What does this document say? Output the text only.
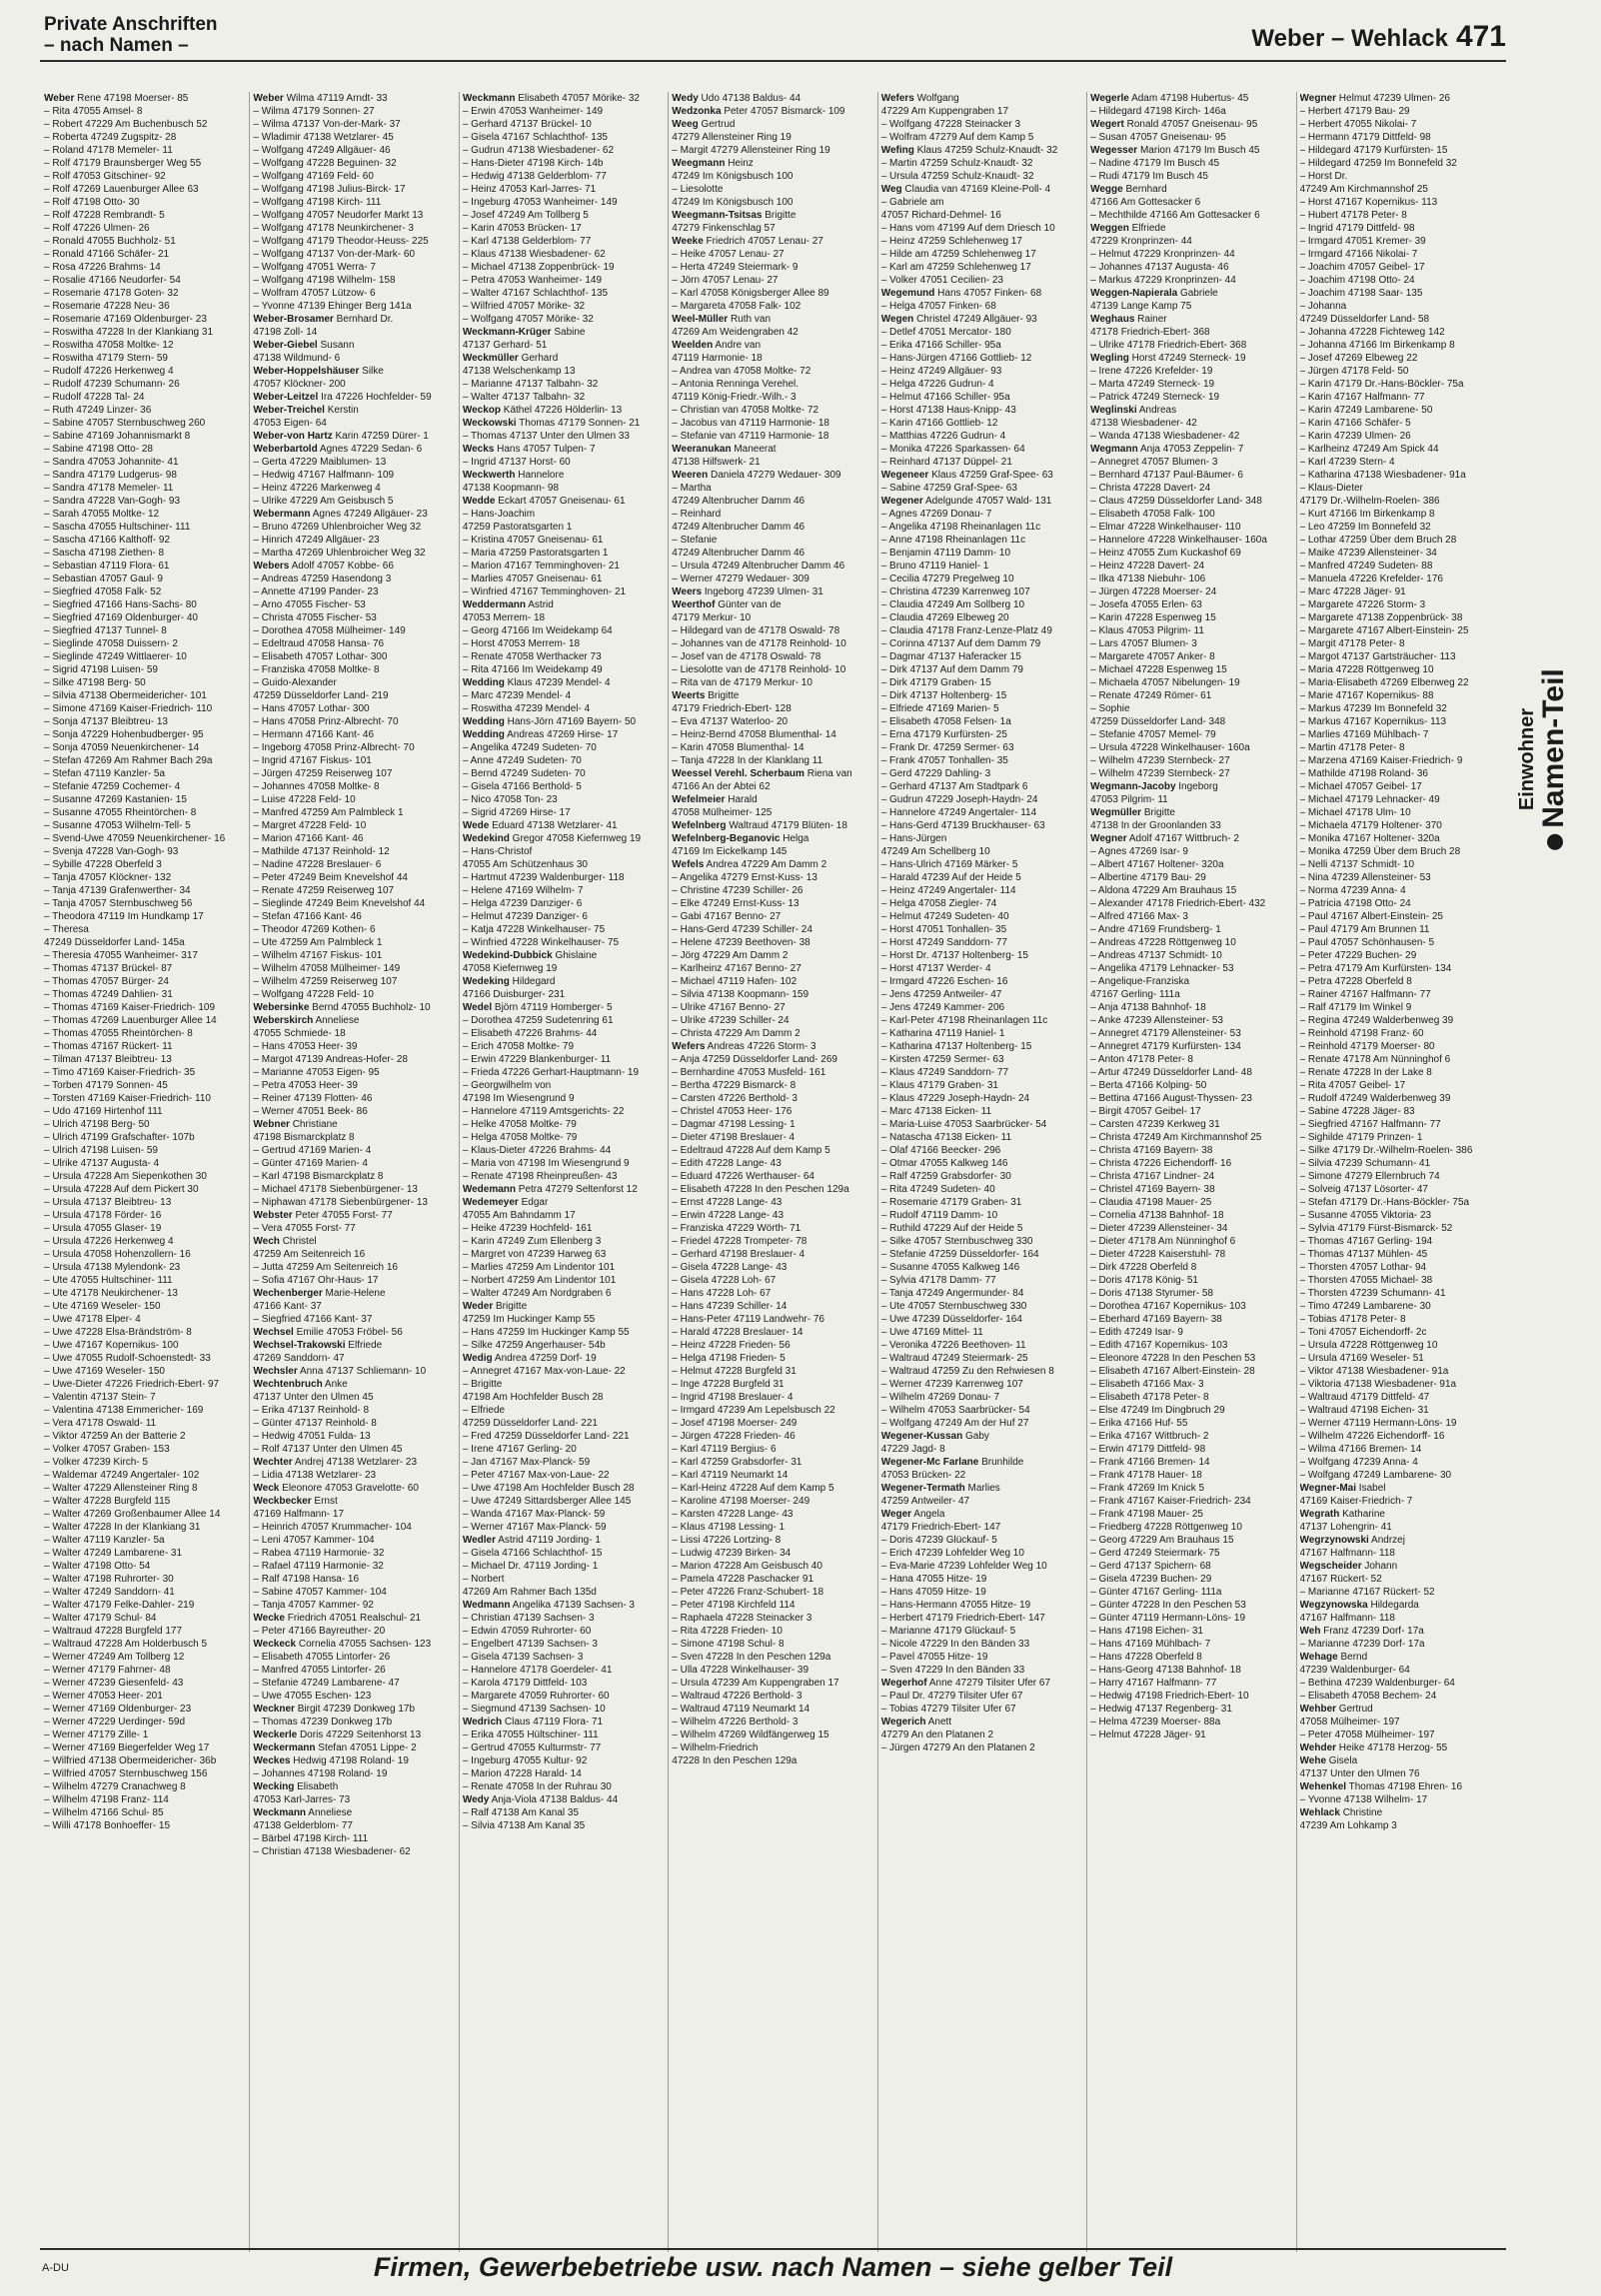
Private Anschriften
– nach Namen –	Weber – Wehlack 471
Weber Rene 47198 Moerser- 85
– Rita 47055 Amsel- 8
– Robert 47229 Am Buchenbusch 52
– Roberta 47249 Zugspitz- 28
– Roland 47178 Memeler- 11
– Rolf 47179 Braunsberger Weg 55
– Rolf 47053 Gitschiner- 92
– Rolf 47269 Lauenburger Allee 63
– Rolf 47198 Otto- 30
– Rolf 47228 Rembrandt- 5
– Rolf 47226 Ulmen- 26
– Ronald 47055 Buchholz- 51
– Ronald 47166 Schäfer- 21
– Rosa 47226 Brahms- 14
– Rosalie 47166 Neudorfer- 54
– Rosemarie 47178 Goten- 32
– Rosemarie 47228 Neu- 36
– Rosemarie 47169 Oldenburger- 23
– Roswitha 47228 In der Klankiang 31
– Roswitha 47058 Moltke- 12
– Roswitha 47179 Stern- 59
– Rudolf 47226 Herkenweg 4
– Rudolf 47239 Schumann- 26
– Rudolf 47228 Tal- 24
– Ruth 47249 Linzer- 36
– Sabine 47057 Sternbuschweg 260
– Sabine 47169 Johannismarkt 8
– Sabine 47198 Otto- 28
– Sandra 47053 Johannite- 41
– Sandra 47179 Ludgerus- 98
– Sandra 47178 Memeler- 11
– Sandra 47228 Van-Gogh- 93
– Sarah 47055 Moltke- 12
– Sascha 47055 Hultschiner- 111
– Sascha 47166 Kalthoff- 92
– Sascha 47198 Ziethen- 8
– Sebastian 47119 Flora- 61
– Sebastian 47057 Gaul- 9
– Siegfried 47058 Falk- 52
– Siegfried 47166 Hans-Sachs- 80
– Siegfried 47169 Oldenburger- 40
– Siegfried 47137 Tunnel- 8
– Sieglinde 47058 Duissern- 2
– Sieglinde 47249 Wittlaerer- 10
– Sigrid 47198 Luisen- 59
– Silke 47198 Berg- 50
– Silvia 47138 Obermeidericher- 101
– Simone 47169 Kaiser-Friedrich- 110
– Sonja 47137 Bleibtreu- 13
– Sonja 47229 Hohenbudberger- 95
– Sonja 47059 Neuenkirchener- 14
– Stefan 47269 Am Rahmer Bach 29a
– Stefan 47119 Kanzler- 5a
– Stefanie 47259 Cochemer- 4
– Susanne 47269 Kastanien- 15
– Susanne 47055 Rheintörchen- 8
– Susanne 47053 Wilhelm-Tell- 5
– Svend-Uwe 47059 Neuenkirchener- 16
– Svenja 47228 Van-Gogh- 93
– Sybille 47228 Oberfeld 3
– Tanja 47057 Klöckner- 132
– Tanja 47139 Grafenwerther- 34
– Tanja 47057 Sternbuschweg 56
– Theodora 47119 Im Hundkamp 17
– Theresa
47249 Düsseldorfer Land- 145a
– Theresia 47055 Wanheimer- 317
– Thomas 47137 Brückel- 87
– Thomas 47057 Bürger- 24
– Thomas 47249 Dahlien- 31
– Thomas 47169 Kaiser-Friedrich- 109
– Thomas 47269 Lauenburger Allee 14
– Thomas 47055 Rheintörchen- 8
– Thomas 47167 Rückert- 11
– Tilman 47137 Bleibtreu- 13
– Timo 47169 Kaiser-Friedrich- 35
– Torben 47179 Sonnen- 45
– Torsten 47169 Kaiser-Friedrich- 110
– Udo 47169 Hirtenhof 111
– Ulrich 47198 Berg- 50
– Ulrich 47199 Grafschafter- 107b
– Ulrich 47198 Luisen- 59
– Ulrike 47137 Augusta- 4
– Ursula 47228 Am Siepenkothen 30
– Ursula 47228 Auf dem Pickert 30
– Ursula 47137 Bleibtreu- 13
– Ursula 47178 Förder- 16
– Ursula 47055 Glaser- 19
– Ursula 47226 Herkenweg 4
– Ursula 47058 Hohenzollern- 16
– Ursula 47138 Mylendonk- 23
– Ute 47055 Hultschiner- 111
– Ute 47178 Neukirchener- 13
– Ute 47169 Weseler- 150
– Uwe 47178 Elper- 4
– Uwe 47228 Elsa-Brändström- 8
– Uwe 47167 Kopernikus- 100
– Uwe 47055 Rudolf-Schoenstedt- 33
– Uwe 47169 Weseler- 150
– Uwe-Dieter 47226 Friedrich-Ebert- 97
– Valentin 47137 Stein- 7
– Valentina 47138 Emmericher- 169
– Vera 47178 Oswald- 11
– Viktor 47259 An der Batterie 2
– Volker 47057 Graben- 153
– Volker 47239 Kirch- 5
– Waldemar 47249 Angertaler- 102
– Walter 47229 Allensteiner Ring 8
– Walter 47228 Burgfeld 115
– Walter 47269 Großenbaumer Allee 14
– Walter 47228 In der Klankiang 31
– Walter 47119 Kanzler- 5a
– Walter 47249 Lambarene- 31
– Walter 47198 Otto- 54
– Walter 47198 Ruhrorter- 30
– Walter 47249 Sanddorn- 41
– Walter 47179 Felke-Dahler- 219
– Walter 47179 Schul- 84
– Waltraud 47228 Burgfeld 177
– Waltraud 47228 Am Holderbusch 5
– Werner 47249 Am Tollberg 12
– Werner 47179 Fahrner- 48
– Werner 47239 Giesenfeld- 43
– Werner 47053 Heer- 201
– Werner 47169 Oldenburger- 23
– Werner 47229 Uerdinger- 59d
– Werner 47179 Zille- 1
– Werner 47169 Biegerfelder Weg 17
– Wilfried 47138 Obermeidericher- 36b
– Wilfried 47057 Sternbuschweg 156
– Wilhelm 47279 Cranachweg 8
– Wilhelm 47198 Franz- 114
– Wilhelm 47166 Schul- 85
– Willi 47178 Bonhoeffer- 15
Weber Wilma 47119 Arndt- 33
– Wilma 47179 Sonnen- 27
– Wilma 47137 Von-der-Mark- 37
– Wladimir 47138 Wetzlarer- 45
– Wolfgang 47249 Allgäuer- 46
– Wolfgang 47228 Beguinen- 32
– Wolfgang 47169 Feld- 60
– Wolfgang 47198 Julius-Birck- 17
– Wolfgang 47198 Kirch- 111
– Wolfgang 47057 Neudorfer Markt 13
– Wolfgang 47178 Neunkirchener- 3
– Wolfgang 47179 Theodor-Heuss- 225
– Wolfgang 47137 Von-der-Mark- 60
– Wolfgang 47051 Werra- 7
– Wolfgang 47198 Wilhelm- 158
– Wolfram 47057 Lützow- 6
– Yvonne 47139 Ehinger Berg 141a
Weber-Brosamer Bernhard Dr.
47198 Zoll- 14
Weber-Giebel Susann
47138 Wildmund- 6
Weber-Hoppelshäuser Silke
47057 Klöckner- 200
Weber-Leitzel Ira 47226 Hochfelder- 59
Weber-Treichel Kerstin
47053 Eigen- 64
Weber-von Hartz Karin 47259 Dürer- 1
Weberbartold Agnes 47229 Sedan- 6
– Gerta 47229 Maiblumen- 13
– Hedwig 47167 Halfmann- 109
– Heinz 47226 Markenweg 4
– Ulrike 47229 Am Geisbusch 5
Webermann Agnes 47249 Allgäuer- 23
– Bruno 47269 Uhlenbroicher Weg 32
– Hinrich 47249 Allgäuer- 23
– Martha 47269 Uhlenbroicher Weg 32
Webers Adolf 47057 Kobbe- 66
– Andreas 47259 Hasendong 3
– Annette 47199 Pander- 23
– Arno 47055 Fischer- 53
– Christa 47055 Fischer- 53
– Dorothea 47058 Mülheimer- 149
– Edeltraud 47058 Hansa- 76
– Elisabeth 47057 Lothar- 300
– Franziska 47058 Moltke- 8
– Guido-Alexander
47259 Düsseldorfer Land- 219
– Hans 47057 Lothar- 300
– Hans 47058 Prinz-Albrecht- 70
– Hermann 47166 Kant- 46
– Ingeborg 47058 Prinz-Albrecht- 70
– Ingrid 47167 Fiskus- 101
– Jürgen 47259 Reiserweg 107
– Johannes 47058 Moltke- 8
– Luise 47228 Feld- 10
– Manfred 47259 Am Palmbleck 1
– Margret 47228 Feld- 10
– Marion 47166 Kant- 46
– Mathilde 47137 Reinhold- 12
– Nadine 47228 Breslauer- 6
– Peter 47249 Beim Knevelshof 44
– Renate 47259 Reiserweg 107
– Sieglinde 47249 Beim Knevelshof 44
– Stefan 47166 Kant- 46
– Theodor 47269 Kothen- 6
– Ute 47259 Am Palmbleck 1
– Wilhelm 47167 Fiskus- 101
– Wilhelm 47058 Mülheimer- 149
– Wilhelm 47259 Reiserweg 107
– Wolfgang 47228 Feld- 10
Webersinke Bernd 47055 Buchholz- 10
Weberskirch Anneliese
47055 Schmiede- 18
– Hans 47053 Heer- 39
– Margot 47139 Andreas-Hofer- 28
– Marianne 47053 Eigen- 95
– Petra 47053 Heer- 39
– Reiner 47139 Flotten- 46
– Werner 47051 Beek- 86
Webner Christiane
47198 Bismarckplatz 8
– Gertrud 47169 Marien- 4
– Günter 47169 Marien- 4
– Karl 47198 Bismarckplatz 8
– Michael 47178 Siebenbürgener- 13
– Niphawan 47178 Siebenbürgener- 13
Webster Peter 47055 Forst- 77
– Vera 47055 Forst- 77
Wech Christel
47259 Am Seitenreich 16
– Jutta 47259 Am Seitenreich 16
– Sofia 47167 Ohr-Haus- 17
Wechenberger Marie-Helene
47166 Kant- 37
– Siegfried 47166 Kant- 37
Wechsel Emilie 47053 Fröbel- 56
Wechsel-Trakowski Elfriede
47269 Sanddorn- 47
Wechsler Anna 47137 Schliemann- 10
Wechtenbruch Anke
47137 Unter den Ulmen 45
– Erika 47137 Reinhold- 8
– Günter 47137 Reinhold- 8
– Hedwig 47051 Fulda- 13
– Rolf 47137 Unter den Ulmen 45
Wechter Andrej 47138 Wetzlarer- 23
– Lidia 47138 Wetzlarer- 23
Weck Eleonore 47053 Gravelotte- 60
Weckbecker Ernst
47169 Halfmann- 17
– Heinrich 47057 Krummacher- 104
– Leni 47057 Kammer- 104
– Rabea 47119 Harmonie- 32
– Rafael 47119 Harmonie- 32
– Ralf 47198 Hansa- 16
– Sabine 47057 Kammer- 104
– Tanja 47057 Kammer- 92
Wecke Friedrich 47051 Realschul- 21
– Peter 47166 Bayreuther- 20
Weckeck Cornelia 47055 Sachsen- 123
– Elisabeth 47055 Lintorfer- 26
– Manfred 47055 Lintorfer- 26
– Stefanie 47249 Lambarene- 47
– Uwe 47055 Eschen- 123
Weckner Birgit 47239 Donkweg 17b
– Thomas 47239 Donkweg 17b
Weckerle Doris 47229 Seitenhorst 13
Weckermann Stefan 47051 Lippe- 2
Weckes Hedwig 47198 Roland- 19
– Johannes 47198 Roland- 19
Wecking Elisabeth
47053 Karl-Jarres- 73
Weckmann Anneliese
47138 Gelderblom- 77
– Bärbel 47198 Kirch- 111
– Christian 47138 Wiesbadener- 62
Weckmann Elisabeth 47057 Mörike- 32
– Erwin 47053 Wanheimer- 149
– Gerhard 47137 Brückel- 10
– Gisela 47167 Schlachthof- 135
– Gudrun 47138 Wiesbadener- 62
– Hans-Dieter 47198 Kirch- 14b
– Hedwig 47138 Gelderblom- 77
– Heinz 47053 Karl-Jarres- 71
– Ingeburg 47053 Wanheimer- 149
– Josef 47249 Am Tollberg 5
– Karin 47053 Brücken- 17
– Karl 47138 Gelderblom- 77
– Klaus 47138 Wiesbadener- 62
– Michael 47138 Zoppenbrück- 19
– Petra 47053 Wanheimer- 149
– Walter 47167 Schlachthof- 135
– Wilfried 47057 Mörike- 32
– Wolfgang 47057 Mörike- 32
Weckmann-Krüger Sabine
47137 Gerhard- 51
Weckmüller Gerhard
47138 Welschenkamp 13
– Marianne 47137 Talbahn- 32
– Walter 47137 Talbahn- 32
Weckop Käthel 47226 Hölderlin- 13
Weckowski Thomas 47179 Sonnen- 21
– Thomas 47137 Unter den Ulmen 33
Wecks Hans 47057 Tulpen- 7
– Ingrid 47137 Horst- 60
Weckwerth Hannelore
47138 Koopmann- 98
Wedde Eckart 47057 Gneisenau- 61
– Hans-Joachim
47259 Pastoratsgarten 1
– Kristina 47057 Gneisenau- 61
– Maria 47259 Pastoratsgarten 1
– Marion 47167 Temminghoven- 21
– Marlies 47057 Gneisenau- 61
– Winfried 47167 Temminghoven- 21
Weddermann Astrid
47053 Merrem- 18
– Georg 47166 Im Weidekamp 64
– Horst 47053 Merrem- 18
– Renate 47058 Werthacker 73
– Rita 47166 Im Weidekamp 49
Wedding Klaus 47239 Mendel- 4
– Marc 47239 Mendel- 4
– Roswitha 47239 Mendel- 4
Wedding Hans-Jörn 47169 Bayern- 50
Wedding Andreas 47269 Hirse- 17
– Angelika 47249 Sudeten- 70
– Anne 47249 Sudeten- 70
– Bernd 47249 Sudeten- 70
– Gisela 47166 Berthold- 5
– Nico 47058 Ton- 23
– Sigrid 47269 Hirse- 17
Wede Eduard 47138 Wetzlarer- 41
Wedekind Gregor 47058 Kiefernweg 19
– Hans-Christof
47055 Am Schützenhaus 30
– Hartmut 47239 Waldenburger- 118
– Helene 47169 Wilhelm- 7
– Helga 47239 Danziger- 6
– Helmut 47239 Danziger- 6
– Katja 47228 Winkelhauser- 75
– Winfried 47228 Winkelhauser- 75
Wedekind-Dubbick Ghislaine
47058 Kiefernweg 19
Wedeking Hildegard
47166 Duisburger- 231
Wedel Björn 47119 Homberger- 5
– Dorothea 47259 Sudetenring 61
– Elisabeth 47226 Brahms- 44
– Erich 47058 Moltke- 79
– Erwin 47229 Blankenburger- 11
– Frieda 47226 Gerhart-Hauptmann- 19
– Georgwilhelm von
47198 Im Wiesengrund 9
– Hannelore 47119 Amtsgerichts- 22
– Helke 47058 Moltke- 79
– Helga 47058 Moltke- 79
– Klaus-Dieter 47226 Brahms- 44
– Maria von 47198 Im Wiesengrund 9
– Renate 47198 Rheinpreußen- 43
Wedemann Petra 47279 Seltenforst 12
Wedemeyer Edgar
47055 Am Bahndamm 17
– Heike 47239 Hochfeld- 161
– Karin 47249 Zum Ellenberg 3
– Margret von 47239 Harweg 63
– Marlies 47259 Am Lindentor 101
– Norbert 47259 Am Lindentor 101
– Walter 47249 Am Nordgraben 6
Weder Brigitte
47259 Im Huckinger Kamp 55
– Hans 47259 Im Huckinger Kamp 55
– Silke 47259 Angerhauser- 54b
Wedig Andrea 47259 Dorf- 19
– Annegret 47167 Max-von-Laue- 22
– Brigitte
47198 Am Hochfelder Busch 28
– Elfriede
47259 Düsseldorfer Land- 221
– Fred 47259 Düsseldorfer Land- 221
– Irene 47167 Gerling- 20
– Jan 47167 Max-Planck- 59
– Peter 47167 Max-von-Laue- 22
– Uwe 47198 Am Hochfelder Busch 28
– Uwe 47249 Sittardsberger Allee 145
– Wanda 47167 Max-Planck- 59
– Werner 47167 Max-Planck- 59
Wedler Astrid 47119 Jording- 1
– Gisela 47166 Schlachthof- 15
– Michael Dr. 47119 Jording- 1
– Norbert
47269 Am Rahmer Bach 135d
Wedmann Angelika 47139 Sachsen- 3
– Christian 47139 Sachsen- 3
– Edwin 47059 Ruhrorter- 60
– Engelbert 47139 Sachsen- 3
– Gisela 47139 Sachsen- 3
– Hannelore 47178 Goerdeler- 41
– Karola 47179 Dittfeld- 103
– Margarete 47059 Ruhrorter- 60
– Siegmund 47139 Sachsen- 10
Wedrich Claus 47119 Flora- 71
– Erika 47055 Hültschiner- 111
– Gertrud 47055 Kulturmstr- 77
– Ingeburg 47055 Kultur- 92
– Marion 47228 Harald- 14
– Renate 47058 In der Ruhrau 30
Wedy Anja-Viola 47138 Baldus- 44
– Ralf 47138 Am Kanal 35
– Silvia 47138 Am Kanal 35
Wedy Udo 47138 Baldus- 44
Wedzonka Peter 47057 Bismarck- 109
Weeg Gertrud
47279 Allensteiner Ring 19
– Margit 47279 Allensteiner Ring 19
Weegmann Heinz
47249 Im Königsbusch 100
– Liesolotte
47249 Im Königsbusch 100
Weegmann-Tsitsas Brigitte
47279 Finkenschlag 57
Weeke Friedrich 47057 Lenau- 27
– Heike 47057 Lenau- 27
– Herta 47249 Steiermark- 9
– Jörn 47057 Lenau- 27
– Karl 47058 Königsberger Allee 89
– Margareta 47058 Falk- 102
Weel-Müller Ruth van
47269 Am Weidengraben 42
Weelden Andre van
47119 Harmonie- 18
– Andrea van 47058 Moltke- 72
– Antonia Renninga Verehel.
47119 König-Friedr.-Wilh.- 3
– Christian van 47058 Moltke- 72
– Jacobus van 47119 Harmonie- 18
– Stefanie van 47119 Harmonie- 18
Weeranukan Maneerat
47138 Hilfswerk- 21
Weeren Daniela 47279 Wedauer- 309
– Martha
47249 Altenbrucher Damm 46
– Reinhard
47249 Altenbrucher Damm 46
– Stefanie
47249 Altenbrucher Damm 46
– Ursula 47249 Altenbrucher Damm 46
– Werner 47279 Wedauer- 309
Weers Ingeborg 47239 Ulmen- 31
Weerthof Günter van de
47179 Merkur- 10
– Hildegard van de 47178 Oswald- 78
– Johannes van de 47178 Reinhold- 10
– Josef van de 47178 Oswald- 78
– Liesolotte van de 47178 Reinhold- 10
– Rita van de 47179 Merkur- 10
Weerts Brigitte
47179 Friedrich-Ebert- 128
– Eva 47137 Waterloo- 20
– Heinz-Bernd 47058 Blumenthal- 14
– Karin 47058 Blumenthal- 14
– Tanja 47228 In der Klanklang 11
Weessel Verehl. Scherbaum Riena van
47166 An der Abtei 62
Wefelmeier Harald
47058 Mülheimer- 125
Wefelnberg Waltraud 47179 Blüten- 18
Wefelnberg-Beganovic Helga
47169 Im Eickelkamp 145
Wefels Andrea 47229 Am Damm 2
– Angelika 47279 Ernst-Kuss- 13
– Christine 47239 Schiller- 26
– Elke 47249 Ernst-Kuss- 13
– Gabi 47167 Benno- 27
– Hans-Gerd 47239 Schiller- 24
– Helene 47239 Beethoven- 38
– Jörg 47229 Am Damm 2
– Karlheinz 47167 Benno- 27
– Michael 47119 Hafen- 102
– Silvia 47138 Koopmann- 159
– Ulrike 47167 Benno- 27
– Ulrike 47239 Schiller- 24
– Christa 47229 Am Damm 2
Wefers Andreas 47226 Storm- 3
– Anja 47259 Düsseldorfer Land- 269
– Bernhardine 47053 Musfeld- 161
– Bertha 47229 Bismarck- 8
– Carsten 47226 Berthold- 3
– Christel 47053 Heer- 176
– Dagmar 47198 Lessing- 1
– Dieter 47198 Breslauer- 4
– Edeltraud 47228 Auf dem Kamp 5
– Edith 47228 Lange- 43
– Eduard 47226 Werthauser- 64
– Elisabeth 47228 In den Peschen 129a
– Ernst 47228 Lange- 43
– Erwin 47228 Lange- 43
– Franziska 47229 Wörth- 71
– Friedel 47228 Trompeter- 78
– Gerhard 47198 Breslauer- 4
– Gisela 47228 Lange- 43
– Gisela 47228 Loh- 67
– Hans 47228 Loh- 67
– Hans 47239 Schiller- 14
– Hans-Peter 47119 Landwehr- 76
– Harald 47228 Breslauer- 14
– Heinz 47228 Frieden- 56
– Helga 47198 Frieden- 5
– Helmut 47228 Burgfeld 31
– Inge 47228 Burgfeld 31
– Ingrid 47198 Breslauer- 4
– Irmgard 47239 Am Lepelsbusch 22
– Josef 47198 Moerser- 249
– Jürgen 47228 Frieden- 46
– Karl 47119 Bergius- 6
– Karl 47259 Grabsdorfer- 31
– Karl 47119 Neumarkt 14
– Karl-Heinz 47228 Auf dem Kamp 5
– Karoline 47198 Moerser- 249
– Karsten 47228 Lange- 43
– Klaus 47198 Lessing- 1
– Lissi 47226 Lortzing- 8
– Ludwig 47239 Birken- 34
– Marion 47228 Am Geisbusch 40
– Pamela 47228 Paschacker 91
– Peter 47226 Franz-Schubert- 18
– Peter 47198 Kirchfeld 114
– Raphaela 47228 Steinacker 3
– Rita 47228 Frieden- 10
– Simone 47198 Schul- 8
– Sven 47228 In den Peschen 129a
– Ulla 47228 Winkelhauser- 39
– Ursula 47239 Am Kuppengraben 17
– Waltraud 47226 Berthold- 3
– Waltraud 47119 Neumarkt 14
– Wilhelm 47226 Berthold- 3
– Wilhelm 47269 Wildfängerweg 15
– Wilhelm-Friedrich
47228 In den Peschen 129a
Wefers Wolfgang
47229 Am Kuppengraben 17
– Wolfgang 47228 Steinacker 3
– Wolfram 47279 Auf dem Kamp 5
Wefing Klaus 47259 Schulz-Knaudt- 32
– Martin 47259 Schulz-Knaudt- 32
– Ursula 47259 Schulz-Knaudt- 32
Weg Claudia van 47169 Kleine-Poll- 4
– Gabriele am
47057 Richard-Dehmel- 16
– Hans vom 47199 Auf dem Driesch 10
– Heinz 47259 Schlehenweg 17
– Hilde am 47259 Schlehenweg 17
– Karl am 47259 Schlehenweg 17
– Volker 47051 Cecilien- 23
Wegemund Hans 47057 Finken- 68
– Helga 47057 Finken- 68
Wegen Christel 47249 Allgäuer- 93
– Detlef 47051 Mercator- 180
– Erika 47166 Schiller- 95a
– Hans-Jürgen 47166 Gottlieb- 12
– Heinz 47249 Allgäuer- 93
– Helga 47226 Gudrun- 4
– Helmut 47166 Schiller- 95a
– Horst 47138 Haus-Knipp- 43
– Karin 47166 Gottlieb- 12
– Matthias 47226 Gudrun- 4
– Monika 47226 Sparkassen- 64
– Reinhard 47137 Düppel- 21
Wegeneer Klaus 47259 Graf-Spee- 63
– Sabine 47259 Graf-Spee- 63
Wegener Adelgunde 47057 Wald- 131
– Agnes 47269 Donau- 7
– Angelika 47198 Rheinanlagen 11c
– Anne 47198 Rheinanlagen 11c
– Benjamin 47119 Damm- 10
– Bruno 47119 Haniel- 1
– Cecilia 47279 Pregelweg 10
– Christina 47239 Karrenweg 107
– Claudia 47249 Am Sollberg 10
– Claudia 47269 Elbeweg 20
– Claudia 47178 Franz-Lenze-Platz 49
– Corinna 47137 Auf dem Damm 79
– Dagmar 47137 Haferacker 15
– Dirk 47137 Auf dem Damm 79
– Dirk 47179 Graben- 15
– Dirk 47137 Holtenberg- 15
– Elfriede 47169 Marien- 5
– Elisabeth 47058 Felsen- 1a
– Erna 47179 Kurfürsten- 25
– Frank Dr. 47259 Sermer- 63
– Frank 47057 Tonhallen- 35
– Gerd 47229 Dahling- 3
– Gerhard 47137 Am Stadtpark 6
– Gudrun 47229 Joseph-Haydn- 24
– Hannelore 47249 Angertaler- 114
– Hans-Gerd 47139 Bruckhauser- 63
– Hans-Jürgen
47249 Am Schellberg 10
– Hans-Ulrich 47169 Märker- 5
– Harald 47239 Auf der Heide 5
– Heinz 47249 Angertaler- 114
– Helga 47058 Ziegler- 74
– Helmut 47249 Sudeten- 40
– Horst 47051 Tonhallen- 35
– Horst 47249 Sanddorn- 77
– Horst Dr. 47137 Holtenberg- 15
– Horst 47137 Werder- 4
– Irmgard 47226 Eschen- 16
– Jens 47259 Antweiler- 47
– Jens 47249 Kammer- 206
– Karl-Peter 47198 Rheinanlagen 11c
– Katharina 47119 Haniel- 1
– Katharina 47137 Holtenberg- 15
– Kirsten 47259 Sermer- 63
– Klaus 47249 Sanddorn- 77
– Klaus 47179 Graben- 31
– Klaus 47229 Joseph-Haydn- 24
– Marc 47138 Eicken- 11
– Maria-Luise 47053 Saarbrücker- 54
– Natascha 47138 Eicken- 11
– Olaf 47166 Beecker- 296
– Otmar 47055 Kalkweg 146
– Ralf 47259 Grabsdorfer- 30
– Rita 47249 Sudeten- 40
– Rosemarie 47179 Graben- 31
– Rudolf 47119 Damm- 10
– Ruthild 47229 Auf der Heide 5
– Silke 47057 Sternbuschweg 330
– Stefanie 47259 Düsseldorfer- 164
– Susanne 47055 Kalkweg 146
– Sylvia 47178 Damm- 77
– Tanja 47249 Angermunder- 84
– Ute 47057 Sternbuschweg 330
– Uwe 47239 Düsseldorfer- 164
– Uwe 47169 Mittel- 11
– Veronika 47226 Beethoven- 11
– Waltraud 47249 Steiermark- 25
– Waltraud 47259 Zu den Rehwiesen 8
– Werner 47239 Karrenweg 107
– Wilhelm 47269 Donau- 7
– Wilhelm 47053 Saarbrücker- 54
– Wolfgang 47249 Am der Huf 27
Wegener-Kussan Gaby
47229 Jagd- 8
Wegener-Mc Farlane Brunhilde
47053 Brücken- 22
Wegener-Termath Marlies
47259 Antweiler- 47
Weger Angela
47179 Friedrich-Ebert- 147
– Doris 47239 Glückauf- 5
– Erich 47239 Lohfelder Weg 10
– Eva-Marie 47239 Lohfelder Weg 10
– Hana 47055 Hitze- 19
– Hans 47059 Hitze- 19
– Hans-Hermann 47055 Hitze- 19
– Herbert 47179 Friedrich-Ebert- 147
– Marianne 47179 Glückauf- 5
– Nicole 47229 In den Bänden 33
– Pavel 47055 Hitze- 19
– Sven 47229 In den Bänden 33
Wegerhof Anne 47279 Tilsiter Ufer 67
– Paul Dr. 47279 Tilsiter Ufer 67
– Tobias 47279 Tilsiter Ufer 67
Wegerich Anett
47279 An den Platanen 2
– Jürgen 47279 An den Platanen 2
Wegerle Adam 47198 Hubertus- 45
– Hildegard 47198 Kirch- 146a
Wegert Ronald 47057 Gneisenau- 95
– Susan 47057 Gneisenau- 95
Wegesser Marion 47179 Im Busch 45
– Nadine 47179 Im Busch 45
– Rudi 47179 Im Busch 45
Wegge Bernhard
47166 Am Gottesacker 6
– Mechthilde 47166 Am Gottesacker 6
Weggen Elfriede
47229 Kronprinzen- 44
– Helmut 47229 Kronprinzen- 44
– Johannes 47137 Augusta- 46
– Markus 47229 Kronprinzen- 44
Weggen-Napierala Gabriele
47139 Lange Kamp 75
Weghaus Rainer
47178 Friedrich-Ebert- 368
– Ulrike 47178 Friedrich-Ebert- 368
Wegling Horst 47249 Sterneck- 19
– Irene 47226 Krefelder- 19
– Marta 47249 Sterneck- 19
– Patrick 47249 Sterneck- 19
Weglinski Andreas
47138 Wiesbadener- 42
– Wanda 47138 Wiesbadener- 42
Wegmann Anja 47053 Zeppelin- 7
– Annegret 47057 Blumen- 3
– Bernhard 47137 Paul-Bäumer- 6
– Christa 47228 Davert- 24
– Claus 47259 Düsseldorfer Land- 348
– Elisabeth 47058 Falk- 100
– Elmar 47228 Winkelhauser- 110
– Hannelore 47228 Winkelhauser- 160a
– Heinz 47055 Zum Kuckashof 69
– Heinz 47228 Davert- 24
– Ilka 47138 Niebuhr- 106
– Jürgen 47228 Moerser- 24
– Josefa 47055 Erlen- 63
– Karin 47228 Espenweg 15
– Klaus 47053 Pilgrim- 11
– Lars 47057 Blumen- 3
– Margarete 47057 Anker- 8
– Michael 47228 Espenweg 15
– Michaela 47057 Nibelungen- 19
– Renate 47249 Römer- 61
– Sophie
47259 Düsseldorfer Land- 348
– Stefanie 47057 Memel- 79
– Ursula 47228 Winkelhauser- 160a
– Wilhelm 47239 Sternbeck- 27
– Wilhelm 47239 Sternbeck- 27
Wegmann-Jacoby Ingeborg
47053 Pilgrim- 11
Wegmüller Brigitte
47138 In der Groonlanden 33
Wegner Adolf 47167 Wittbruch- 2
– Agnes 47269 Isar- 9
– Albert 47167 Holtener- 320a
– Albertine 47179 Bau- 29
– Aldona 47229 Am Brauhaus 15
– Alexander 47178 Friedrich-Ebert- 432
– Alfred 47166 Max- 3
– Andre 47169 Frundsberg- 1
– Andreas 47228 Röttgenweg 10
– Andreas 47137 Schmidt- 10
– Angelika 47179 Lehnacker- 53
– Angelique-Franziska
47167 Gerling- 111a
– Anja 47138 Bahnhof- 18
– Anke 47239 Allensteiner- 53
– Annegret 47179 Allensteiner- 53
– Annegret 47179 Kurfürsten- 134
– Anton 47178 Peter- 8
– Artur 47249 Düsseldorfer Land- 48
– Berta 47166 Kolping- 50
– Bettina 47166 August-Thyssen- 23
– Birgit 47057 Geibel- 17
– Carsten 47239 Kerkweg 31
– Christa 47249 Am Kirchmannshof 25
– Christa 47169 Bayern- 38
– Christa 47226 Eichendorff- 16
– Christa 47167 Lindner- 24
– Christel 47169 Bayern- 38
– Claudia 47198 Mauer- 25
– Cornelia 47138 Bahnhof- 18
– Dieter 47239 Allensteiner- 34
– Dieter 47178 Am Nünninghof 6
– Dieter 47228 Kaiserstuhl- 78
– Dirk 47228 Oberfeld 8
– Doris 47178 König- 51
– Doris 47138 Styrumer- 58
– Dorothea 47167 Kopernikus- 103
– Eberhard 47169 Bayern- 38
– Edith 47249 Isar- 9
– Edith 47167 Kopernikus- 103
– Eleonore 47228 In den Peschen 53
– Elisabeth 47167 Albert-Einstein- 28
– Elisabeth 47166 Max- 3
– Elisabeth 47178 Peter- 8
– Else 47249 Im Dingbruch 29
– Erika 47166 Huf- 55
– Erika 47167 Wittbruch- 2
– Erwin 47179 Dittfeld- 98
– Frank 47166 Bremen- 14
– Frank 47178 Hauer- 18
– Frank 47269 Im Knick 5
– Frank 47167 Kaiser-Friedrich- 234
– Frank 47198 Mauer- 25
– Friedberg 47228 Röttgenweg 10
– Georg 47229 Am Brauhaus 15
– Gerd 47249 Steiermark- 75
– Gerd 47137 Spichern- 68
– Gisela 47239 Buchen- 29
– Günter 47167 Gerling- 111a
– Günter 47228 In den Peschen 53
– Günter 47119 Hermann-Löns- 19
– Hans 47198 Eichen- 31
– Hans 47169 Mühlbach- 7
– Hans 47228 Oberfeld 8
– Hans-Georg 47138 Bahnhof- 18
– Harry 47167 Halfmann- 77
– Hedwig 47198 Friedrich-Ebert- 10
– Hedwig 47137 Regenberg- 31
– Helma 47239 Moerser- 88a
– Helmut 47228 Jäger- 91
Wegner Helmut 47239 Ulmen- 26
– Herbert 47179 Bau- 29
– Herbert 47055 Nikolai- 7
– Hermann 47179 Dittfeld- 98
– Hildegard 47179 Kurfürsten- 15
– Hildegard 47259 Im Bonnefeld 32
– Horst Dr.
47249 Am Kirchmannshof 25
– Horst 47167 Kopernikus- 113
– Hubert 47178 Peter- 8
– Ingrid 47179 Dittfeld- 98
– Irmgard 47051 Kremer- 39
– Irmgard 47166 Nikolai- 7
– Joachim 47057 Geibel- 17
– Joachim 47198 Otto- 24
– Joachim 47198 Saar- 135
– Johanna
47249 Düsseldorfer Land- 58
– Johanna 47228 Fichteweg 142
– Johanna 47166 Im Birkenkamp 8
– Josef 47269 Elbeweg 22
– Jürgen 47178 Feld- 50
– Karin 47179 Dr.-Hans-Böckler- 75a
– Karin 47167 Halfmann- 77
– Karin 47249 Lambarene- 50
– Karin 47166 Schäfer- 5
– Karin 47239 Ulmen- 26
– Karlheinz 47249 Am Spick 44
– Karl 47239 Stern- 4
– Katharina 47138 Wiesbadener- 91a
– Klaus-Dieter
47179 Dr.-Wilhelm-Roelen- 386
– Kurt 47166 Im Birkenkamp 8
– Leo 47259 Im Bonnefeld 32
– Lothar 47259 Über dem Bruch 28
– Maike 47239 Allensteiner- 34
– Manfred 47249 Sudeten- 88
– Manuela 47226 Krefelder- 176
– Marc 47228 Jäger- 91
– Margarete 47226 Storm- 3
– Margarete 47138 Zoppenbrück- 38
– Margarete 47167 Albert-Einstein- 25
– Margit 47178 Peter- 8
– Margot 47137 Gartsträucher- 113
– Maria 47228 Röttgenweg 10
– Maria-Elisabeth 47269 Elbenweg 22
– Marie 47167 Kopernikus- 88
– Markus 47239 Im Bonnefeld 32
– Markus 47167 Kopernikus- 113
– Marlies 47169 Mühlbach- 7
– Martin 47178 Peter- 8
– Marzena 47169 Kaiser-Friedrich- 9
– Mathilde 47198 Roland- 36
– Michael 47057 Geibel- 17
– Michael 47179 Lehnacker- 49
– Michael 47178 Ulm- 10
– Michaela 47179 Holtener- 370
– Monika 47167 Holtener- 320a
– Monika 47259 Über dem Bruch 28
– Nelli 47137 Schmidt- 10
– Nina 47239 Allensteiner- 53
– Norma 47239 Anna- 4
– Patricia 47198 Otto- 24
– Paul 47167 Albert-Einstein- 25
– Paul 47179 Am Brunnen 11
– Paul 47057 Schönhausen- 5
– Peter 47229 Buchen- 29
– Petra 47179 Am Kurfürsten- 134
– Petra 47228 Oberfeld 8
– Rainer 47167 Halfmann- 77
– Ralf 47179 Im Winkel 9
– Regina 47249 Walderbenweg 39
– Reinhold 47198 Franz- 60
– Reinhold 47179 Moerser- 80
– Renate 47178 Am Nünninghof 6
– Renate 47228 In der Lake 8
– Rita 47057 Geibel- 17
– Rudolf 47249 Walderbenweg 39
– Sabine 47228 Jäger- 83
– Siegfried 47167 Halfmann- 77
– Sighilde 47179 Prinzen- 1
– Silke 47179 Dr.-Wilhelm-Roelen- 386
– Silvia 47239 Schumann- 41
– Simone 47279 Ellernbruch 74
– Solveig 47137 Lösorter- 47
– Stefan 47179 Dr.-Hans-Böckler- 75a
– Susanne 47055 Viktoria- 23
– Sylvia 47179 Fürst-Bismarck- 52
– Thomas 47167 Gerling- 194
– Thomas 47137 Mühlen- 45
– Thorsten 47057 Lothar- 94
– Thorsten 47055 Michael- 38
– Thorsten 47239 Schumann- 41
– Timo 47249 Lambarene- 30
– Tobias 47178 Peter- 8
– Toni 47057 Eichendorff- 2c
– Ursula 47228 Röttgenweg 10
– Ursula 47169 Weseler- 51
– Viktor 47138 Wiesbadener- 91a
– Viktoria 47138 Wiesbadener- 91a
– Waltraud 47179 Dittfeld- 47
– Waltraud 47198 Eichen- 31
– Werner 47119 Hermann-Löns- 19
– Wilhelm 47226 Eichendorff- 16
– Wilma 47166 Bremen- 14
– Wolfgang 47239 Anna- 4
– Wolfgang 47249 Lambarene- 30
Wegner-Mai Isabel
47169 Kaiser-Friedrich- 7
Wegrath Katharine
47137 Lohengrin- 41
Wegrzynowski Andrzej
47167 Halfmann- 118
Wegscheider Johann
47167 Rückert- 52
– Marianne 47167 Rückert- 52
Wegzynowska Hildegarda
47167 Halfmann- 118
Weh Franz 47239 Dorf- 17a
– Marianne 47239 Dorf- 17a
Wehage Bernd
47239 Waldenburger- 64
– Bethina 47239 Waldenburger- 64
– Elisabeth 47058 Bechem- 24
Wehber Gertrud
47058 Mülheimer- 197
– Peter 47058 Mülheimer- 197
Wehder Heike 47178 Herzog- 55
Wehe Gisela
47137 Unter den Ulmen 76
Wehenkel Thomas 47198 Ehren- 16
– Yvonne 47138 Wilhelm- 17
Wehlack Christine
47239 Am Lohkamp 3
Einwohner Namen-Teil
A-DU	Firmen, Gewerbebetriebe usw. nach Namen – siehe gelber Teil
